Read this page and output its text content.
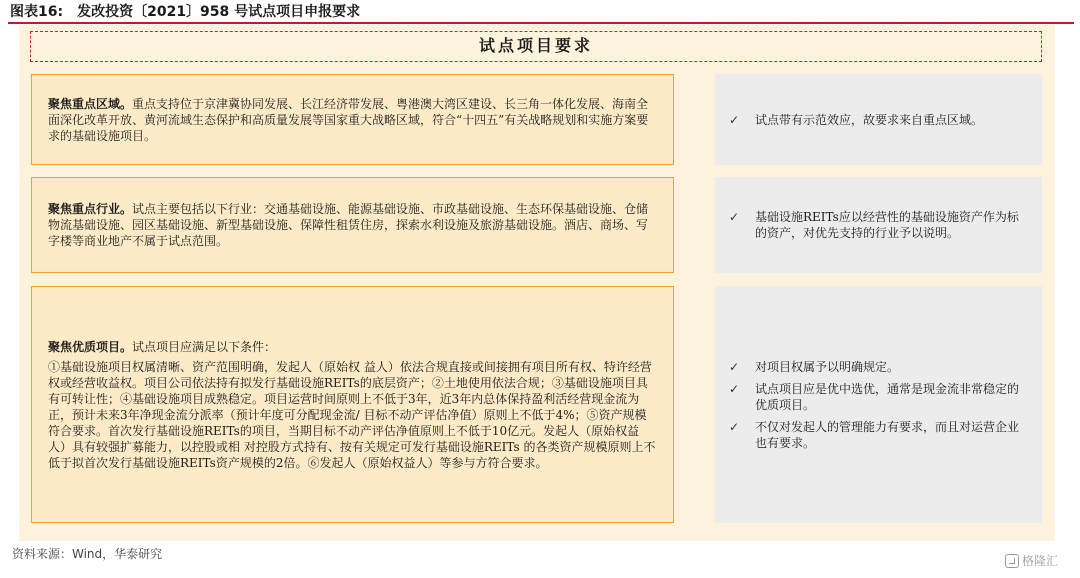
图表16: 发改投资〔2021〕958 号试点项目申报要求
试点项目要求

聚焦重点区域。重点支持位于京津冀协同发展、长江经济带发展、粤港澳大湾区建设、长三角一体化发展、海南全面深化改革开放、黄河流域生态保护和高质量发展等国家重大战略区域，符合“十四五”有关战略规划和实施方案要求的基础设施项目。

✓	试点带有示范效应，故要求来自重点区域。

聚焦重点行业。试点主要包括以下行业：交通基础设施、能源基础设施、市政基础设施、生态环保基础设施、仓储物流基础设施、园区基础设施、新型基础设施、保障性租赁住房，探索水利设施及旅游基础设施。酒店、商场、写字楼等商业地产不属于试点范围。

✓	基础设施REITs应以经营性的基础设施资产作为标的资产，对优先支持的行业予以说明。

聚焦优质项目。试点项目应满足以下条件：

①基础设施项目权属清晰、资产范围明确，发起人（原始权 益人）依法合规直接或间接拥有项目所有权、特许经营权或经营收益权。项目公司依法持有拟发行基础设施REITs的底层资产；②土地使用依法合规；③基础设施项目具有可转让性；④基础设施项目成熟稳定。项目运营时间原则上不低于3年，近3年内总体保持盈利活经营现金流为正，预计未来3年净现金流分派率（预计年度可分配现金流/ 目标不动产评估净值）原则上不低于4%；⑤资产规模符合要求。首次发行基础设施REITs的项目，当期目标不动产评估净值原则上不低于10亿元。发起人（原始权益人）具有较强扩募能力，以控股或相 对控股方式持有、按有关规定可发行基础设施REITs 的各类资产规模原则上不低于拟首次发行基础设施REITs资产规模的2倍。⑥发起人（原始权益人）等参与方符合要求。

✓	对项目权属予以明确规定。
✓	试点项目应是优中选优，通常是现金流非常稳定的优质项目。
✓	不仅对发起人的管理能力有要求，而且对运营企业也有要求。
资料来源：Wind，华泰研究	格隆汇
